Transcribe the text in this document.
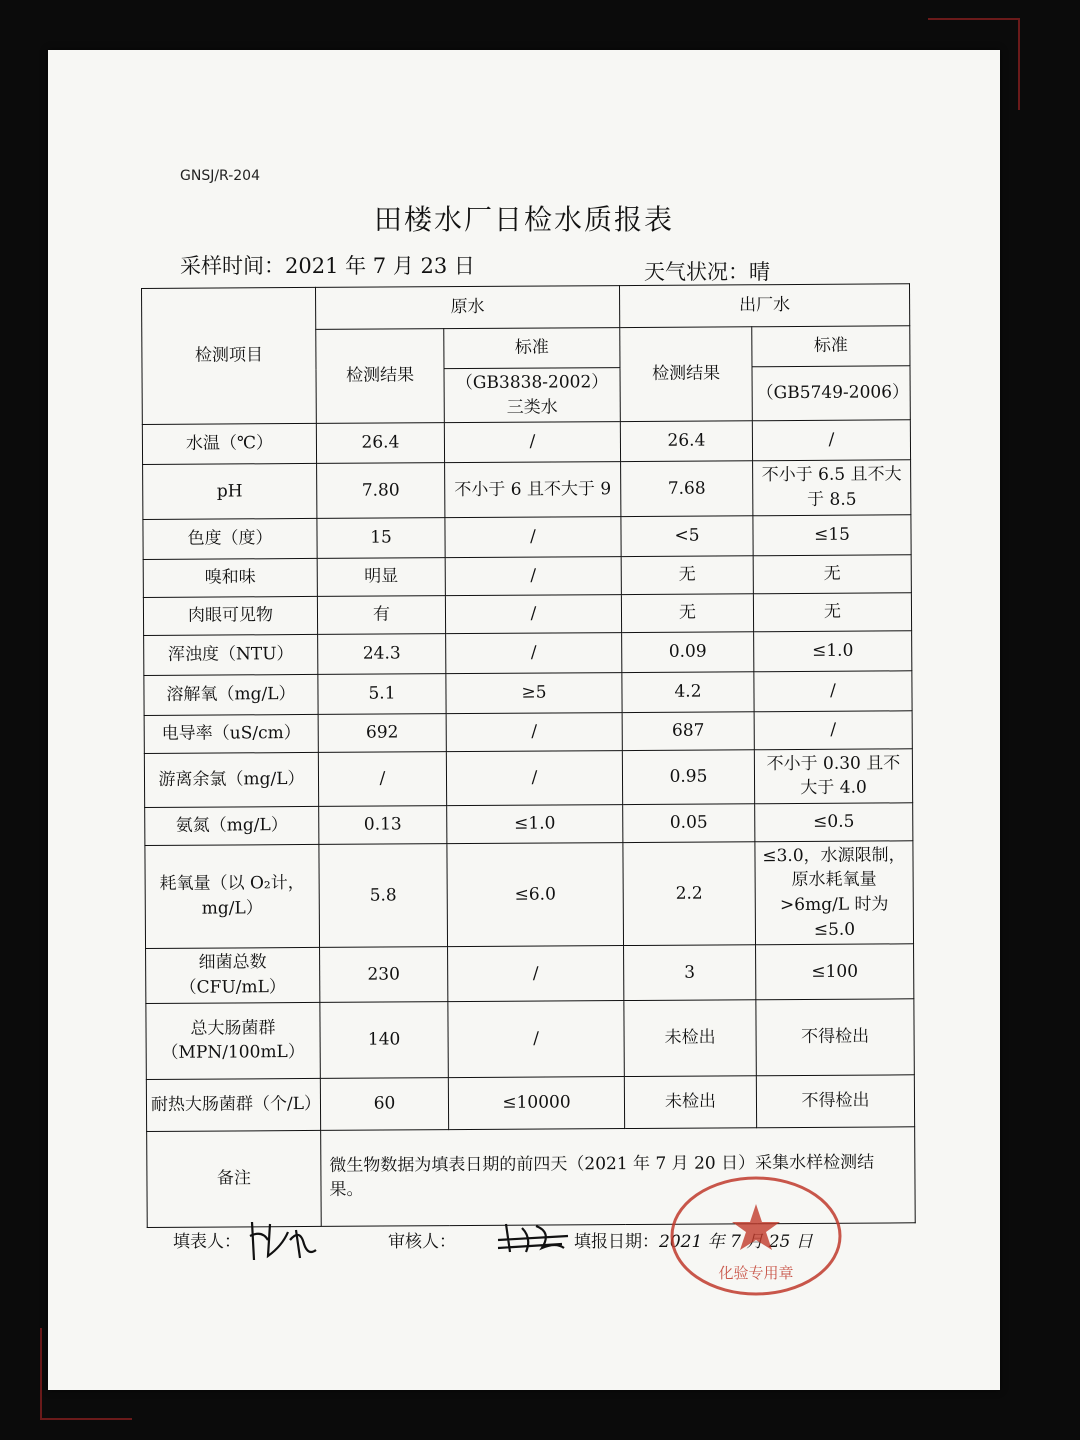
GNSJ/R-204
田楼水厂日检水质报表
采样时间：2021 年 7 月 23 日	天气状况：晴
检测项目	原水		出厂水	
	检测结果	标准	检测结果	标准
		（GB3838-2002）三类水		（GB5749-2006）
水温（℃）	26.4	/	26.4	/
pH	7.80	不小于 6 且不大于 9	7.68	不小于 6.5 且不大于 8.5
色度（度）	15	/	<5	≤15
嗅和味	明显	/	无	无
肉眼可见物	有	/	无	无
浑浊度（NTU）	24.3	/	0.09	≤1.0
溶解氧（mg/L）	5.1	≥5	4.2	/
电导率（uS/cm）	692	/	687	/
游离余氯（mg/L）	/	/	0.95	不小于 0.30 且不大于 4.0
氨氮（mg/L）	0.13	≤1.0	0.05	≤0.5
耗氧量（以 O₂计，mg/L）	5.8	≤6.0	2.2	≤3.0，水源限制，原水耗氧量>6mg/L 时为≤5.0
细菌总数（CFU/mL）	230	/	3	≤100
总大肠菌群（MPN/100mL）	140	/	未检出	不得检出
耐热大肠菌群（个/L）	60	≤10000	未检出	不得检出
备注	微生物数据为填表日期的前四天（2021 年 7 月 20 日）采集水样检测结果。			
填表人：	审核人：	填报日期：2021 年 7 月 25 日
化验专用章
